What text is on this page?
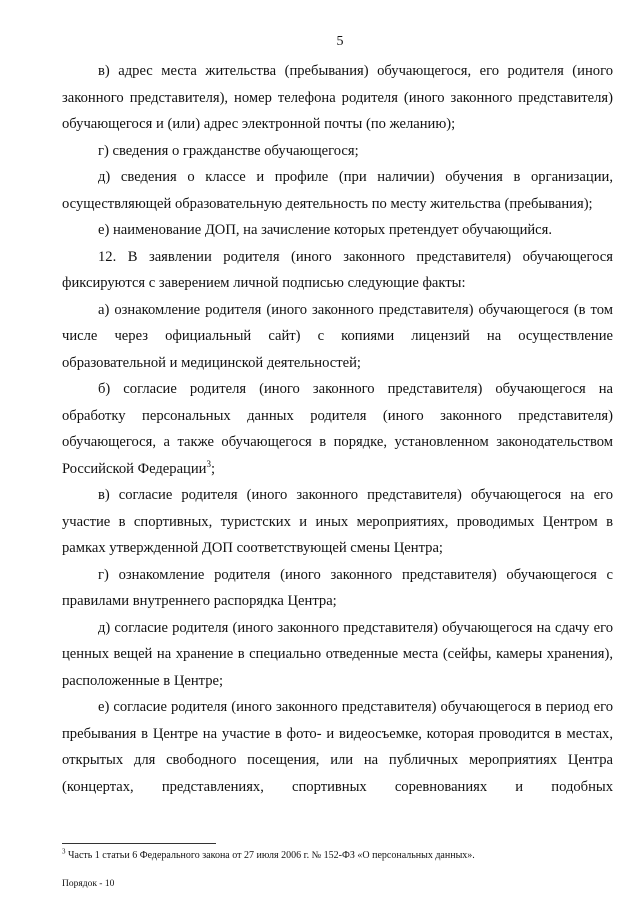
5

в) адрес места жительства (пребывания) обучающегося, его родителя (иного законного представителя), номер телефона родителя (иного законного представителя) обучающегося и (или) адрес электронной почты (по желанию);

г) сведения о гражданстве обучающегося;

д) сведения о классе и профиле (при наличии) обучения в организации, осуществляющей образовательную деятельность по месту жительства (пребывания);

е) наименование ДОП, на зачисление которых претендует обучающийся.

12. В заявлении родителя (иного законного представителя) обучающегося фиксируются с заверением личной подписью следующие факты:

а) ознакомление родителя (иного законного представителя) обучающегося (в том числе через официальный сайт) с копиями лицензий на осуществление образовательной и медицинской деятельностей;

б) согласие родителя (иного законного представителя) обучающегося на обработку персональных данных родителя (иного законного представителя) обучающегося, а также обучающегося в порядке, установленном законодательством Российской Федерации$^3$;

в) согласие родителя (иного законного представителя) обучающегося на его участие в спортивных, туристских и иных мероприятиях, проводимых Центром в рамках утвержденной ДОП соответствующей смены Центра;

г) ознакомление родителя (иного законного представителя) обучающегося с правилами внутреннего распорядка Центра;

д) согласие родителя (иного законного представителя) обучающегося на сдачу его ценных вещей на хранение в специально отведенные места (сейфы, камеры хранения), расположенные в Центре;

е) согласие родителя (иного законного представителя) обучающегося в период его пребывания в Центре на участие в фото- и видеосъемке, которая проводится в местах, открытых для свободного посещения, или на публичных мероприятиях Центра (концертах, представлениях, спортивных соревнованиях и подобных

$^3$ Часть 1 статьи 6 Федерального закона от 27 июля 2006 г. № 152-ФЗ «О персональных данных».
Порядок - 10
